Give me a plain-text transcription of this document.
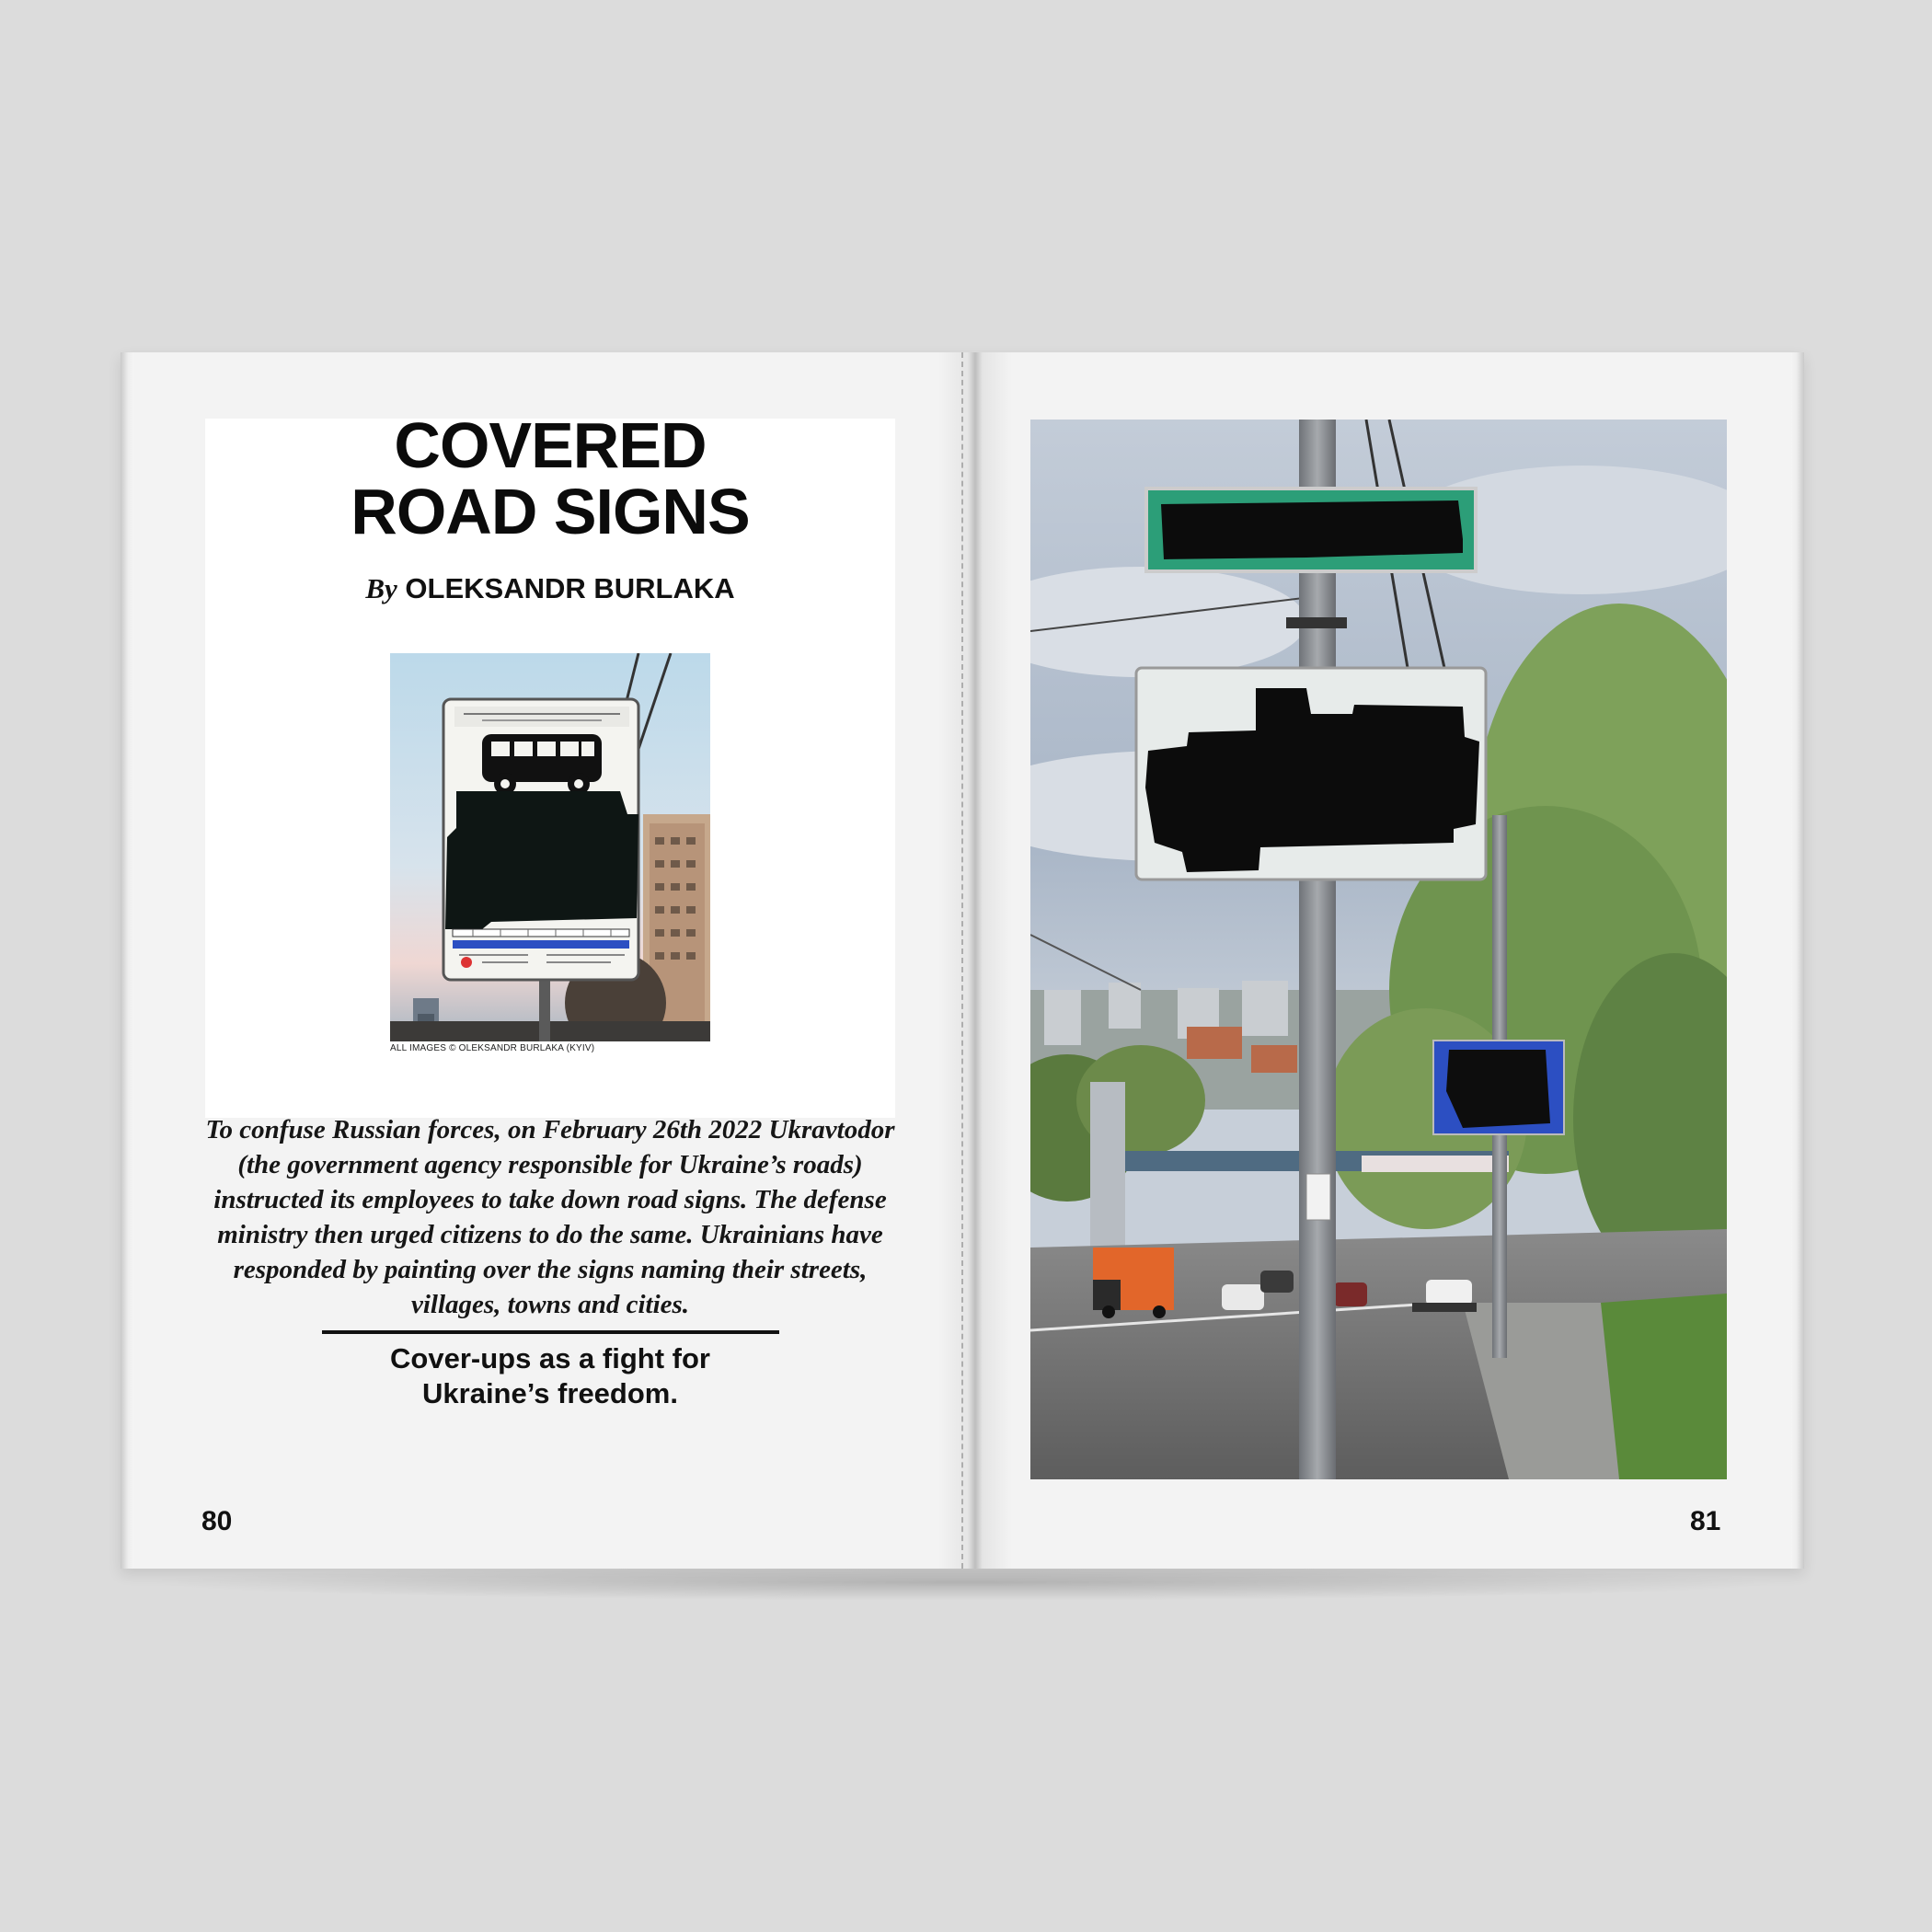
COVERED
ROAD SIGNS
By OLEKSANDR BURLAKA
ALL IMAGES © OLEKSANDR BURLAKA (KYIV)

To confuse Russian forces, on February 26th 2022 Ukravtodor (the government agency responsible for Ukraine’s roads) instructed its employees to take down road signs. The defense ministry then urged citizens to do the same. Ukrainians have responded by painting over the signs naming their streets, villages, towns and cities.

Cover-ups as a fight for
Ukraine’s freedom.
80	81
